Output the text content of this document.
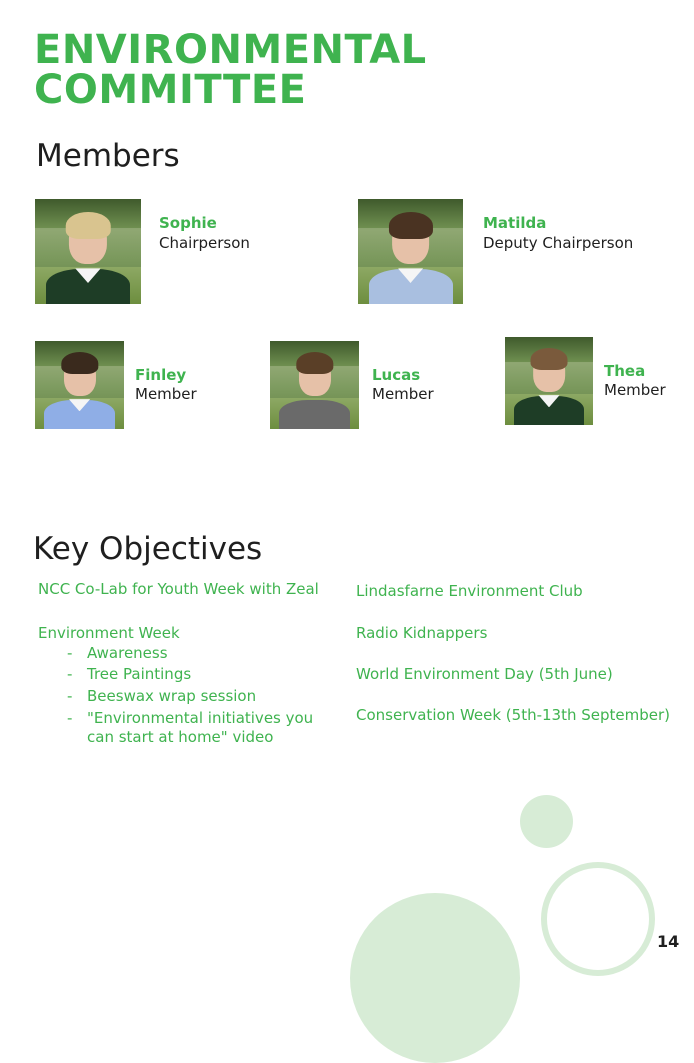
ENVIRONMENTAL
COMMITTEE
Members

Sophie

Chairperson

Matilda

Deputy Chairperson

Finley

Member

Lucas

Member

Thea

Member

Key Objectives

NCC Co-Lab for Youth Week with Zeal

Environment Week

- Awareness

- Tree Paintings

- Beeswax wrap session

- "Environmental initiatives you can start at home" video

Lindasfarne Environment Club

Radio Kidnappers

World Environment Day (5th June)

Conservation Week (5th-13th September)

14
